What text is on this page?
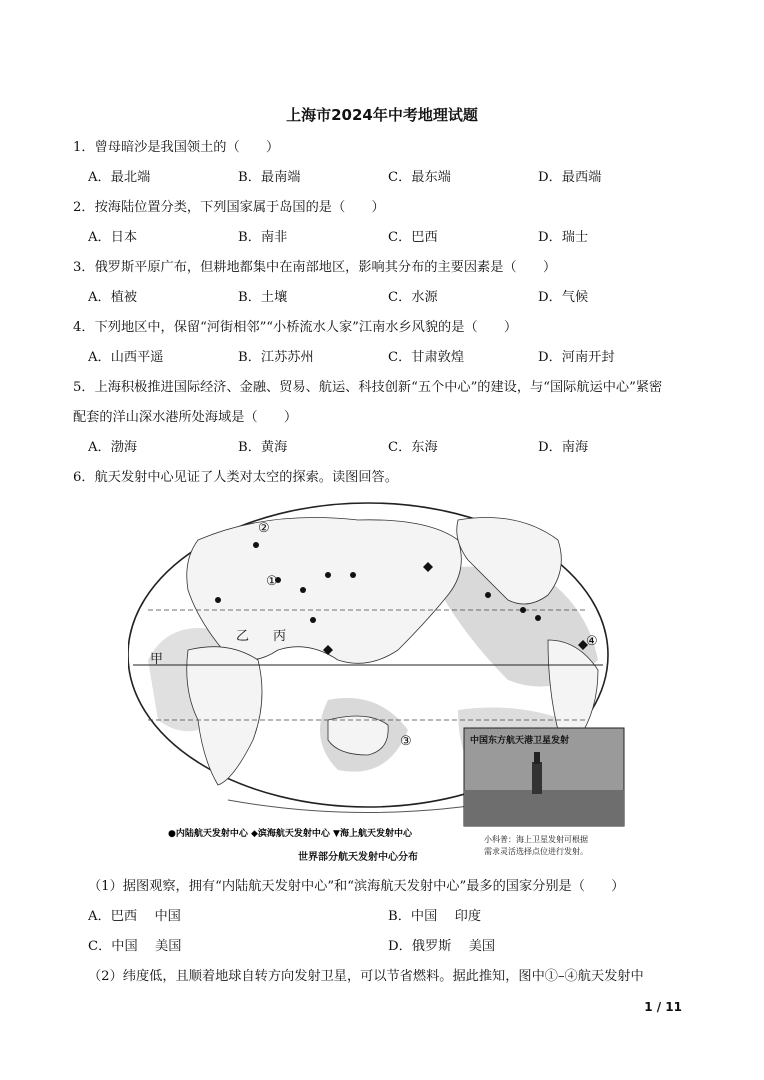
上海市2024年中考地理试题
1．曾母暗沙是我国领土的（　　）
A．最北端	B．最南端	C．最东端	D．最西端
2．按海陆位置分类，下列国家属于岛国的是（　　）
A．日本	B．南非	C．巴西	D．瑞士
3．俄罗斯平原广布，但耕地都集中在南部地区，影响其分布的主要因素是（　　）
A．植被	B．土壤	C．水源	D．气候
4．下列地区中，保留“河街相邻”“小桥流水人家”江南水乡风貌的是（　　）
A．山西平遥	B．江苏苏州	C．甘肃敦煌	D．河南开封
5．上海积极推进国际经济、金融、贸易、航运、科技创新“五个中心”的建设，与“国际航运中心”紧密
配套的洋山深水港所处海域是（　　）
A．渤海	B．黄海	C．东海	D．南海
6．航天发射中心见证了人类对太空的探索。读图回答。
②
①
③
④
甲
乙 丙
中国东方航天港卫星发射
小科普：海上卫星发射可根据
需求灵活选择点位进行发射。
●内陆航天发射中心 ◆滨海航天发射中心 ▼海上航天发射中心
世界部分航天发射中心分布
（1）据图观察，拥有“内陆航天发射中心”和“滨海航天发射中心”最多的国家分别是（　　）
A．巴西　 中国	B．中国　 印度
C．中国　 美国	D．俄罗斯　 美国
（2）纬度低，且顺着地球自转方向发射卫星，可以节省燃料。据此推知，图中①–④航天发射中
1 / 11
